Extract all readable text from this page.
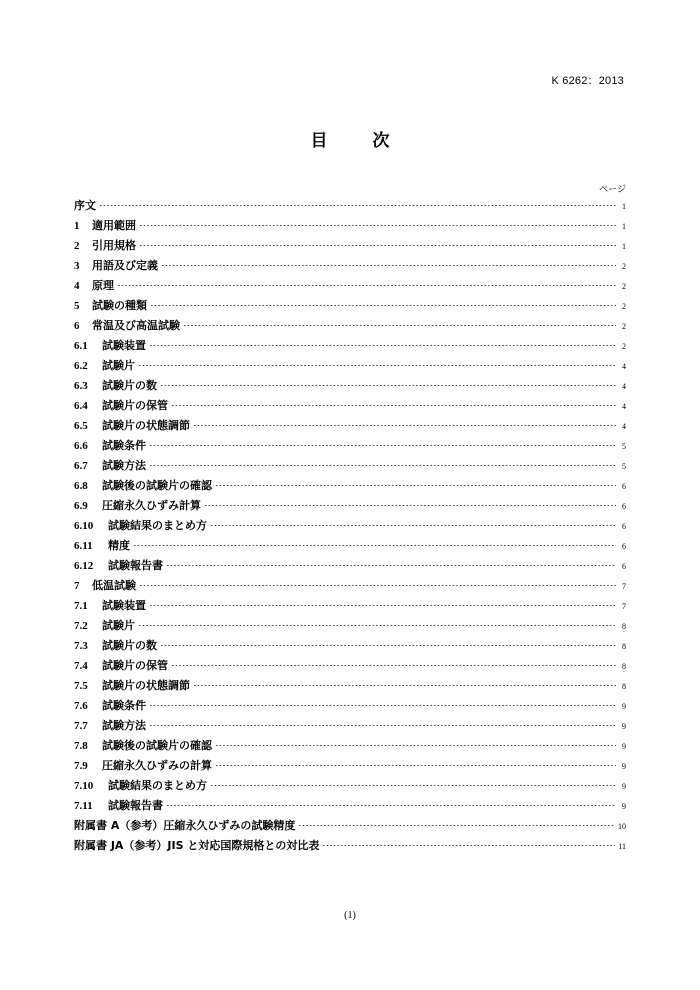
K 6262：2013
目　次
ページ
序文	1
1	適用範囲	1
2	引用規格	1
3	用語及び定義	2
4	原理	2
5	試験の種類	2
6	常温及び高温試験	2
6.1	試験装置	2
6.2	試験片	4
6.3	試験片の数	4
6.4	試験片の保管	4
6.5	試験片の状態調節	4
6.6	試験条件	5
6.7	試験方法	5
6.8	試験後の試験片の確認	6
6.9	圧縮永久ひずみ計算	6
6.10	試験結果のまとめ方	6
6.11	精度	6
6.12	試験報告書	6
7	低温試験	7
7.1	試験装置	7
7.2	試験片	8
7.3	試験片の数	8
7.4	試験片の保管	8
7.5	試験片の状態調節	8
7.6	試験条件	9
7.7	試験方法	9
7.8	試験後の試験片の確認	9
7.9	圧縮永久ひずみの計算	9
7.10	試験結果のまとめ方	9
7.11	試験報告書	9
附属書 A（参考）圧縮永久ひずみの試験精度	10
附属書 JA（参考）JIS と対応国際規格との対比表	11
(1)
